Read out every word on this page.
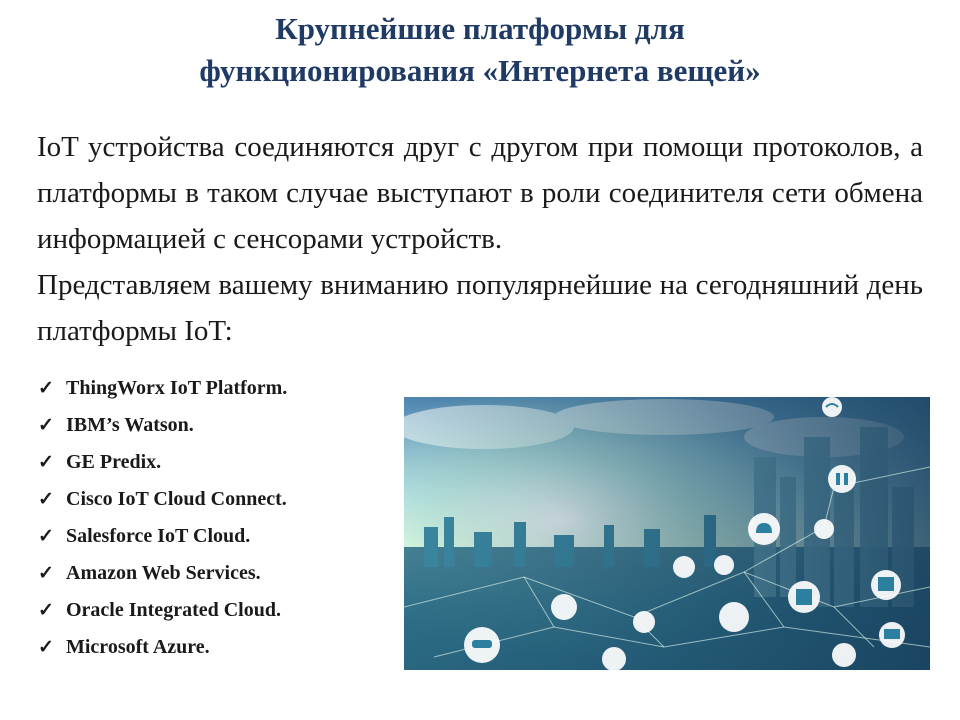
Крупнейшие платформы для
функционирования «Интернета вещей»

IoT устройства соединяются друг с другом при помощи протоколов, а платформы в таком случае выступают в роли соединителя сети обмена информацией с сенсорами устройств.

Представляем вашему вниманию популярнейшие на сегодняшний день платформы IoT:

✓ ThingWorx IoT Platform.
✓ IBM’s Watson.
✓ GE Predix.
✓ Cisco IoT Cloud Connect.
✓ Salesforce IoT Cloud.
✓ Amazon Web Services.
✓ Oracle Integrated Cloud.
✓ Microsoft Azure.
